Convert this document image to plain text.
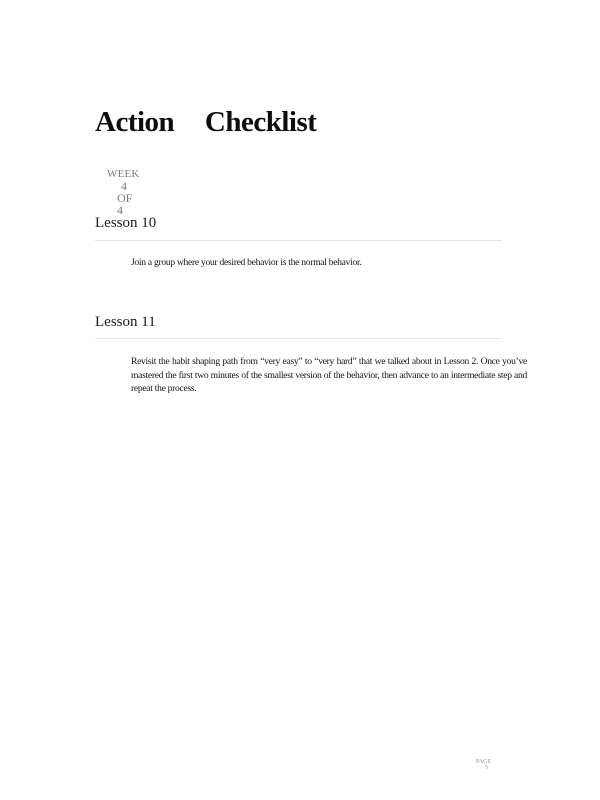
Action Checklist

WEEK
4
OF
4

Lesson 10
Join a group where your desired behavior is the normal behavior.
Lesson 11
Revisit the habit shaping path from “very easy” to “very hard” that we talked about in Lesson 2. Once you’ve mastered the first two minutes of the smallest version of the behavior, then advance to an intermediate step and repeat the process.

PAGE
5
